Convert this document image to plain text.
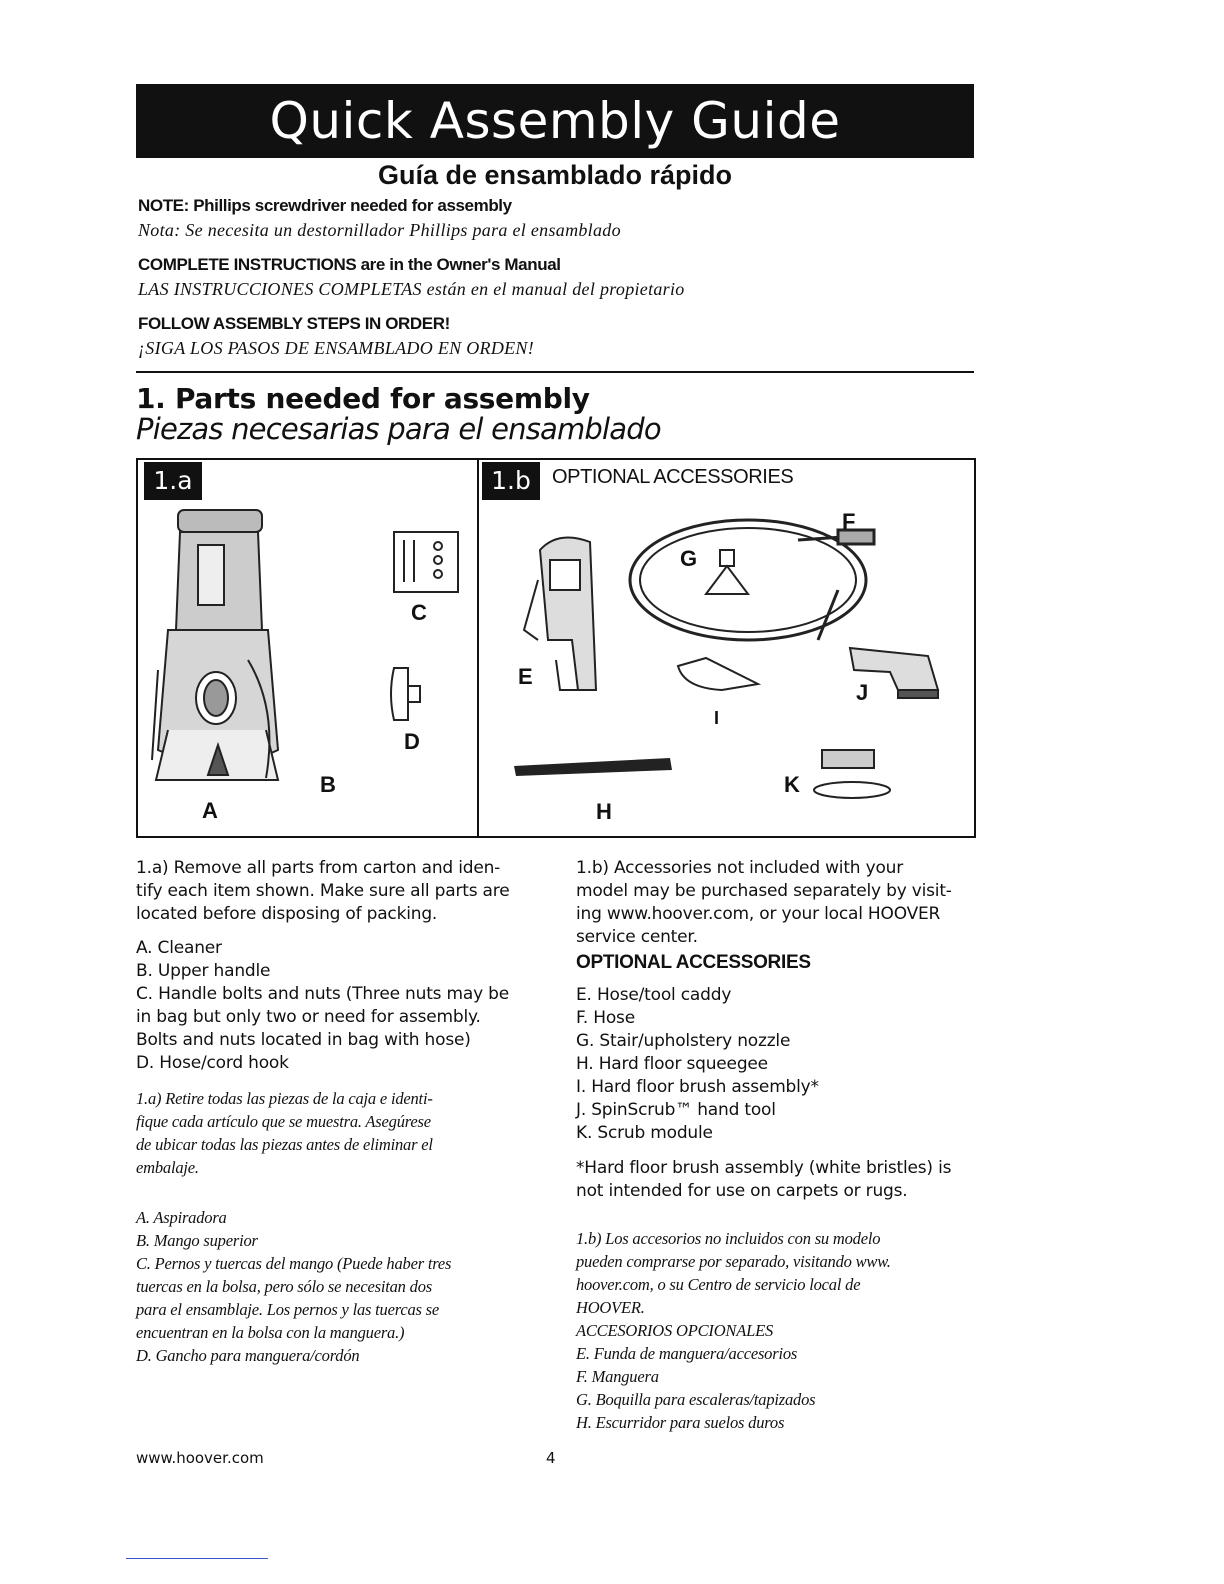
Quick Assembly Guide
Guía de ensamblado rápido
NOTE: Phillips screwdriver needed for assembly
Nota: Se necesita un destornillador Phillips para el ensamblado
COMPLETE INSTRUCTIONS are in the Owner's Manual
LAS INSTRUCCIONES COMPLETAS están en el manual del propietario
FOLLOW ASSEMBLY STEPS IN ORDER!
¡SIGA LOS PASOS DE ENSAMBLADO EN ORDEN!
1. Parts needed for assembly
Piezas necesarias para el ensamblado
1.a	1.b	OPTIONAL ACCESSORIES
A
B
C
D
E
F
G
H
I
J
K
1.a) Remove all parts from carton and iden-
tify each item shown. Make sure all parts are
located before disposing of packing.
A. Cleaner
B. Upper handle
C. Handle bolts and nuts (Three nuts may be
in bag but only two or need for assembly.
Bolts and nuts located in bag with hose)
D. Hose/cord hook
1.a) Retire todas las piezas de la caja e identi-
fique cada artículo que se muestra. Asegúrese
de ubicar todas las piezas antes de eliminar el
embalaje.
A. Aspiradora
B. Mango superior
C. Pernos y tuercas del mango (Puede haber tres
tuercas en la bolsa, pero sólo se necesitan dos
para el ensamblaje. Los pernos y las tuercas se
encuentran en la bolsa con la manguera.)
D. Gancho para manguera/cordón
1.b) Accessories not included with your
model may be purchased separately by visit-
ing www.hoover.com, or your local HOOVER
service center.
OPTIONAL ACCESSORIES
E. Hose/tool caddy
F. Hose
G. Stair/upholstery nozzle
H. Hard floor squeegee
I. Hard floor brush assembly*
J. SpinScrub™ hand tool
K. Scrub module
*Hard floor brush assembly (white bristles) is
not intended for use on carpets or rugs.
1.b) Los accesorios no incluidos con su modelo
pueden comprarse por separado, visitando www.
hoover.com, o su Centro de servicio local de
HOOVER.
ACCESORIOS OPCIONALES
E. Funda de manguera/accesorios
F. Manguera
G. Boquilla para escaleras/tapizados
H. Escurridor para suelos duros
www.hoover.com	4
